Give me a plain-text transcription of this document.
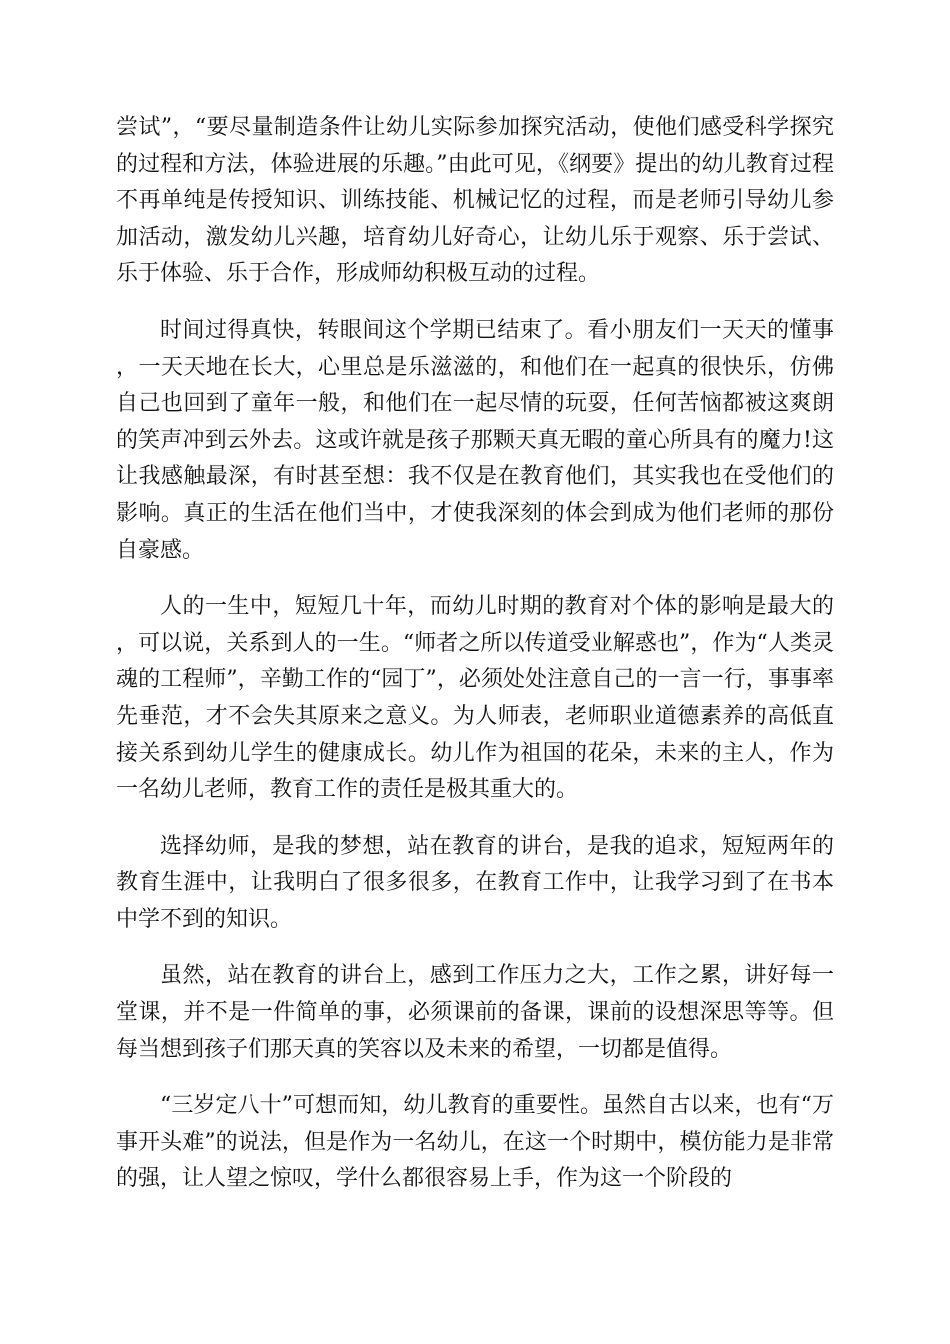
尝试”，“要尽量制造条件让幼儿实际参加探究活动，使他们感受科学探究的过程和方法，体验进展的乐趣。”由此可见，《纲要》提出的幼儿教育过程不再单纯是传授知识、训练技能、机械记忆的过程，而是老师引导幼儿参加活动，激发幼儿兴趣，培育幼儿好奇心，让幼儿乐于观察、乐于尝试、乐于体验、乐于合作，形成师幼积极互动的过程。

时间过得真快，转眼间这个学期已结束了。看小朋友们一天天的懂事，一天天地在长大，心里总是乐滋滋的，和他们在一起真的很快乐，仿佛自己也回到了童年一般，和他们在一起尽情的玩耍，任何苦恼都被这爽朗的笑声冲到云外去。这或许就是孩子那颗天真无暇的童心所具有的魔力!这让我感触最深，有时甚至想：我不仅是在教育他们，其实我也在受他们的影响。真正的生活在他们当中，才使我深刻的体会到成为他们老师的那份自豪感。

人的一生中，短短几十年，而幼儿时期的教育对个体的影响是最大的，可以说，关系到人的一生。“师者之所以传道受业解惑也”，作为“人类灵魂的工程师”，辛勤工作的“园丁”，必须处处注意自己的一言一行，事事率先垂范，才不会失其原来之意义。为人师表，老师职业道德素养的高低直接关系到幼儿学生的健康成长。幼儿作为祖国的花朵，未来的主人，作为一名幼儿老师，教育工作的责任是极其重大的。

选择幼师，是我的梦想，站在教育的讲台，是我的追求，短短两年的教育生涯中，让我明白了很多很多，在教育工作中，让我学习到了在书本中学不到的知识。

虽然，站在教育的讲台上，感到工作压力之大，工作之累，讲好每一堂课，并不是一件简单的事，必须课前的备课，课前的设想深思等等。但每当想到孩子们那天真的笑容以及未来的希望，一切都是值得。

“三岁定八十”可想而知，幼儿教育的重要性。虽然自古以来，也有“万事开头难”的说法，但是作为一名幼儿，在这一个时期中，模仿能力是非常的强，让人望之惊叹，学什么都很容易上手，作为这一个阶段的
